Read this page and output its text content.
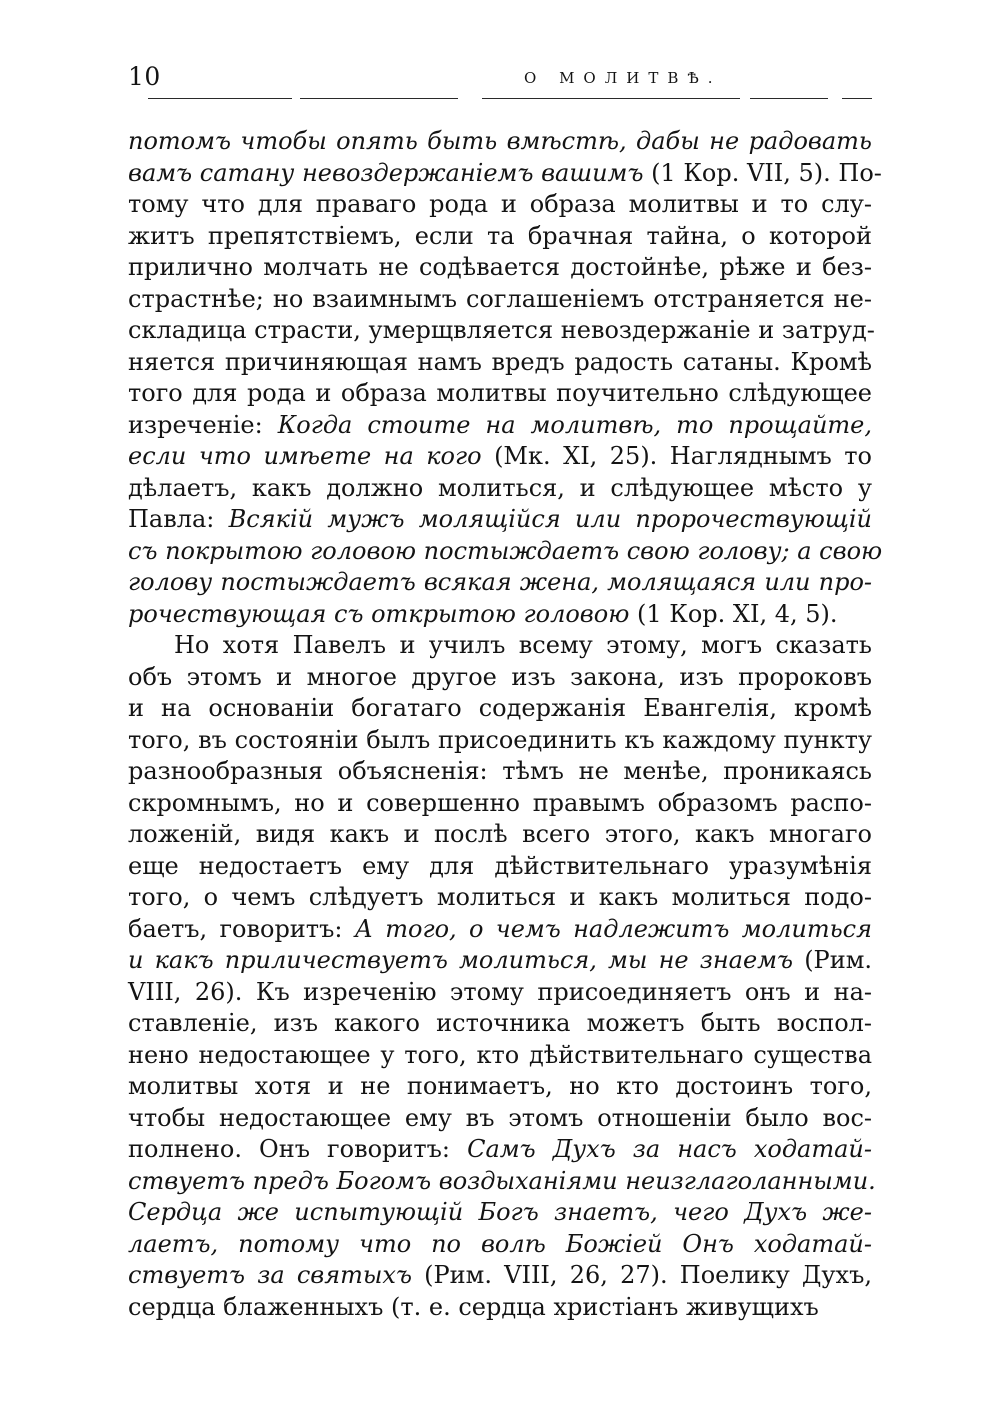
10	О МОЛИТВѢ.
потомъ чтобы опять быть вмѣстѣ, дабы не радовать
вамъ сатану невоздержаніемъ вашимъ (1 Кор. VII, 5). По-
тому что для праваго рода и образа молитвы и то слу-
житъ препятствіемъ, если та брачная тайна, о которой
прилично молчать не содѣвается достойнѣе, рѣже и без-
страстнѣе; но взаимнымъ соглашеніемъ отстраняется не-
складица страсти, умерщвляется невоздержаніе и затруд-
няется причиняющая намъ вредъ радость сатаны. Кромѣ
того для рода и образа молитвы поучительно слѣдующее
изреченіе: Когда стоите на молитвѣ, то прощайте,
если что имѣете на кого (Мк. XI, 25). Нагляднымъ то
дѣлаетъ, какъ должно молиться, и слѣдующее мѣсто у
Павла: Всякій мужъ молящійся или пророчествующій
съ покрытою головою постыждаетъ свою голову; а свою
голову постыждаетъ всякая жена, молящаяся или про-
рочествующая съ открытою головою (1 Кор. XI, 4, 5).
Но хотя Павелъ и училъ всему этому, могъ сказать
объ этомъ и многое другое изъ закона, изъ пророковъ
и на основаніи богатаго содержанія Евангелія, кромѣ
того, въ состояніи былъ присоединить къ каждому пункту
разнообразныя объясненія: тѣмъ не менѣе, проникаясь
скромнымъ, но и совершенно правымъ образомъ распо-
ложеній, видя какъ и послѣ всего этого, какъ многаго
еще недостаетъ ему для дѣйствительнаго уразумѣнія
того, о чемъ слѣдуетъ молиться и какъ молиться подо-
баетъ, говоритъ: А того, о чемъ надлежитъ молиться
и какъ приличествуетъ молиться, мы не знаемъ (Рим.
VIII, 26). Къ изреченію этому присоединяетъ онъ и на-
ставленіе, изъ какого источника можетъ быть воспол-
нено недостающее у того, кто дѣйствительнаго существа
молитвы хотя и не понимаетъ, но кто достоинъ того,
чтобы недостающее ему въ этомъ отношеніи было вос-
полнено. Онъ говоритъ: Самъ Духъ за насъ ходатай-
ствуетъ предъ Богомъ воздыханіями неизглаголанными.
Сердца же испытующій Богъ знаетъ, чего Духъ же-
лаетъ, потому что по волѣ Божіей Онъ ходатай-
ствуетъ за святыхъ (Рим. VIII, 26, 27). Поелику Духъ,
сердца блаженныхъ (т. е. сердца христіанъ живущихъ
